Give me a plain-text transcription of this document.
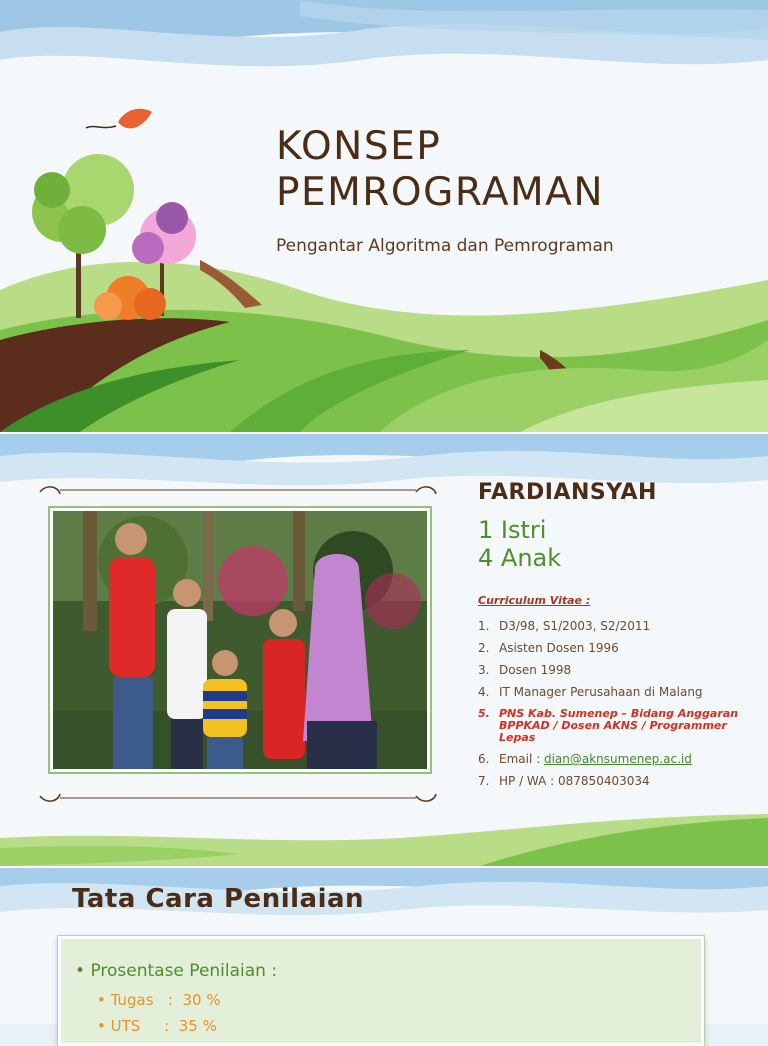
KONSEP
PEMROGRAMAN
Pengantar Algoritma dan Pemrograman
FARDIANSYAH
1 Istri
4 Anak
Curriculum Vitae :
1. D3/98, S1/2003, S2/2011
2. Asisten Dosen 1996
3. Dosen 1998
4. IT Manager Perusahaan di Malang
5. PNS Kab. Sumenep – Bidang Anggaran BPPKAD / Dosen AKNS / Programmer Lepas
6. Email : dian@aknsumenep.ac.id
7. HP / WA : 087850403034
Tata Cara Penilaian
• Prosentase Penilaian :
• Tugas : 30 %
• UTS : 35 %
